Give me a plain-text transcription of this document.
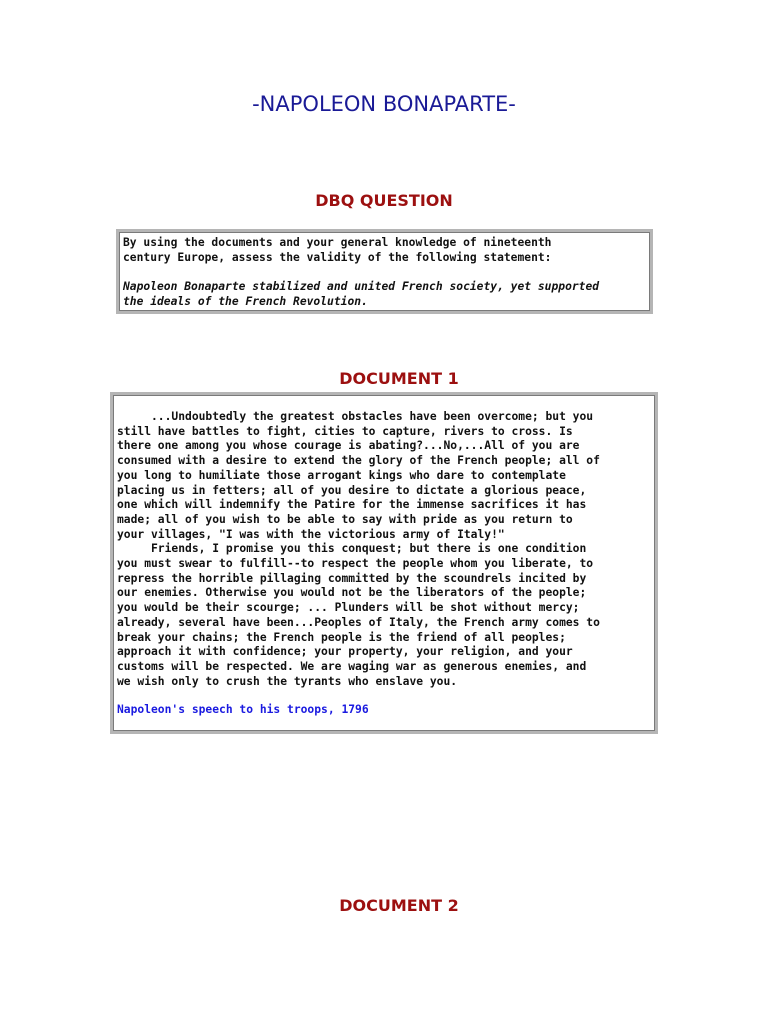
-NAPOLEON BONAPARTE-
DBQ QUESTION

By using the documents and your general knowledge of nineteenth

century Europe, assess the validity of the following statement:

Napoleon Bonaparte stabilized and united French society, yet supported

the ideals of the French Revolution.

DOCUMENT 1

...Undoubtedly the greatest obstacles have been overcome; but you

still have battles to fight, cities to capture, rivers to cross. Is

there one among you whose courage is abating?...No,...All of you are

consumed with a desire to extend the glory of the French people; all of

you long to humiliate those arrogant kings who dare to contemplate

placing us in fetters; all of you desire to dictate a glorious peace,

one which will indemnify the Patire for the immense sacrifices it has

made; all of you wish to be able to say with pride as you return to

your villages, "I was with the victorious army of Italy!"

Friends, I promise you this conquest; but there is one condition

you must swear to fulfill--to respect the people whom you liberate, to

repress the horrible pillaging committed by the scoundrels incited by

our enemies. Otherwise you would not be the liberators of the people;

you would be their scourge; ... Plunders will be shot without mercy;

already, several have been...Peoples of Italy, the French army comes to

break your chains; the French people is the friend of all peoples;

approach it with confidence; your property, your religion, and your

customs will be respected. We are waging war as generous enemies, and

we wish only to crush the tyrants who enslave you.

Napoleon's speech to his troops, 1796

DOCUMENT 2
